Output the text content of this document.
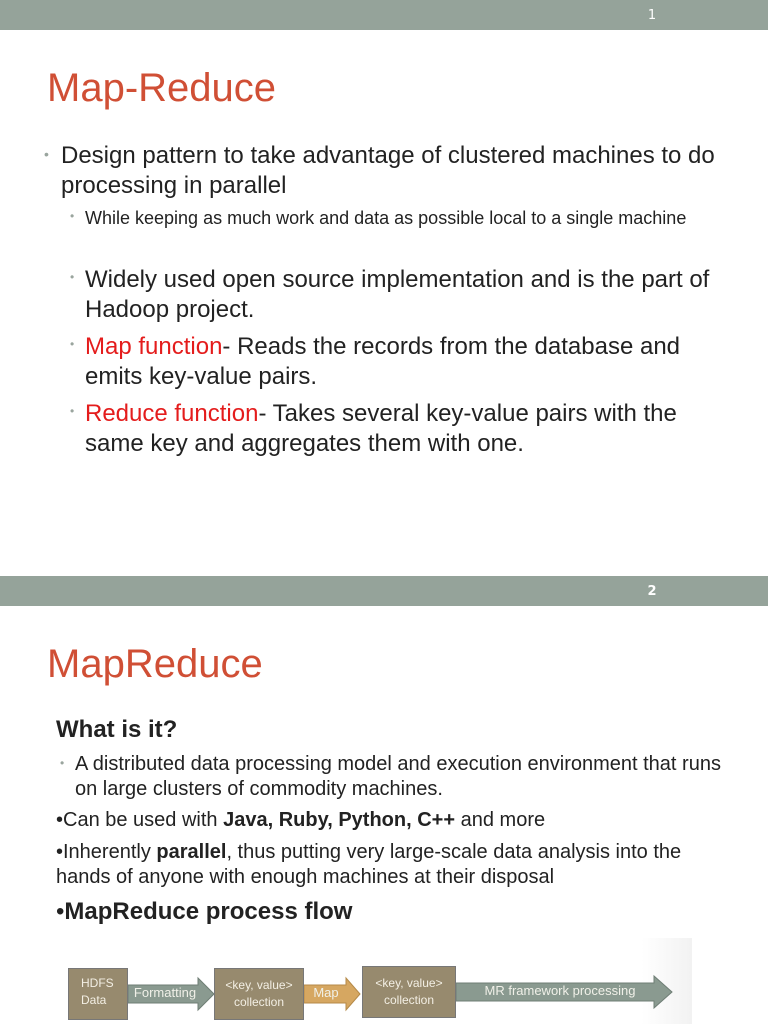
1
Map-Reduce
• Design pattern to take advantage of clustered machines to do processing in parallel
• While keeping as much work and data as possible local to a single machine
• Widely used open source implementation and is the part of Hadoop project.
• Map function- Reads the records from the database and emits key-value pairs.
• Reduce function- Takes several key-value pairs with the same key and aggregates them with one.
2
MapReduce
What is it?
• A distributed data processing model and execution environment that runs on large clusters of commodity machines.
•Can be used with Java, Ruby, Python, C++ and more
•Inherently parallel, thus putting very large-scale data analysis into the hands of anyone with enough machines at their disposal
•MapReduce process flow
HDFS
Data	Formatting	<key, value>
collection
Map
<key, value>
collection
MR framework processing
